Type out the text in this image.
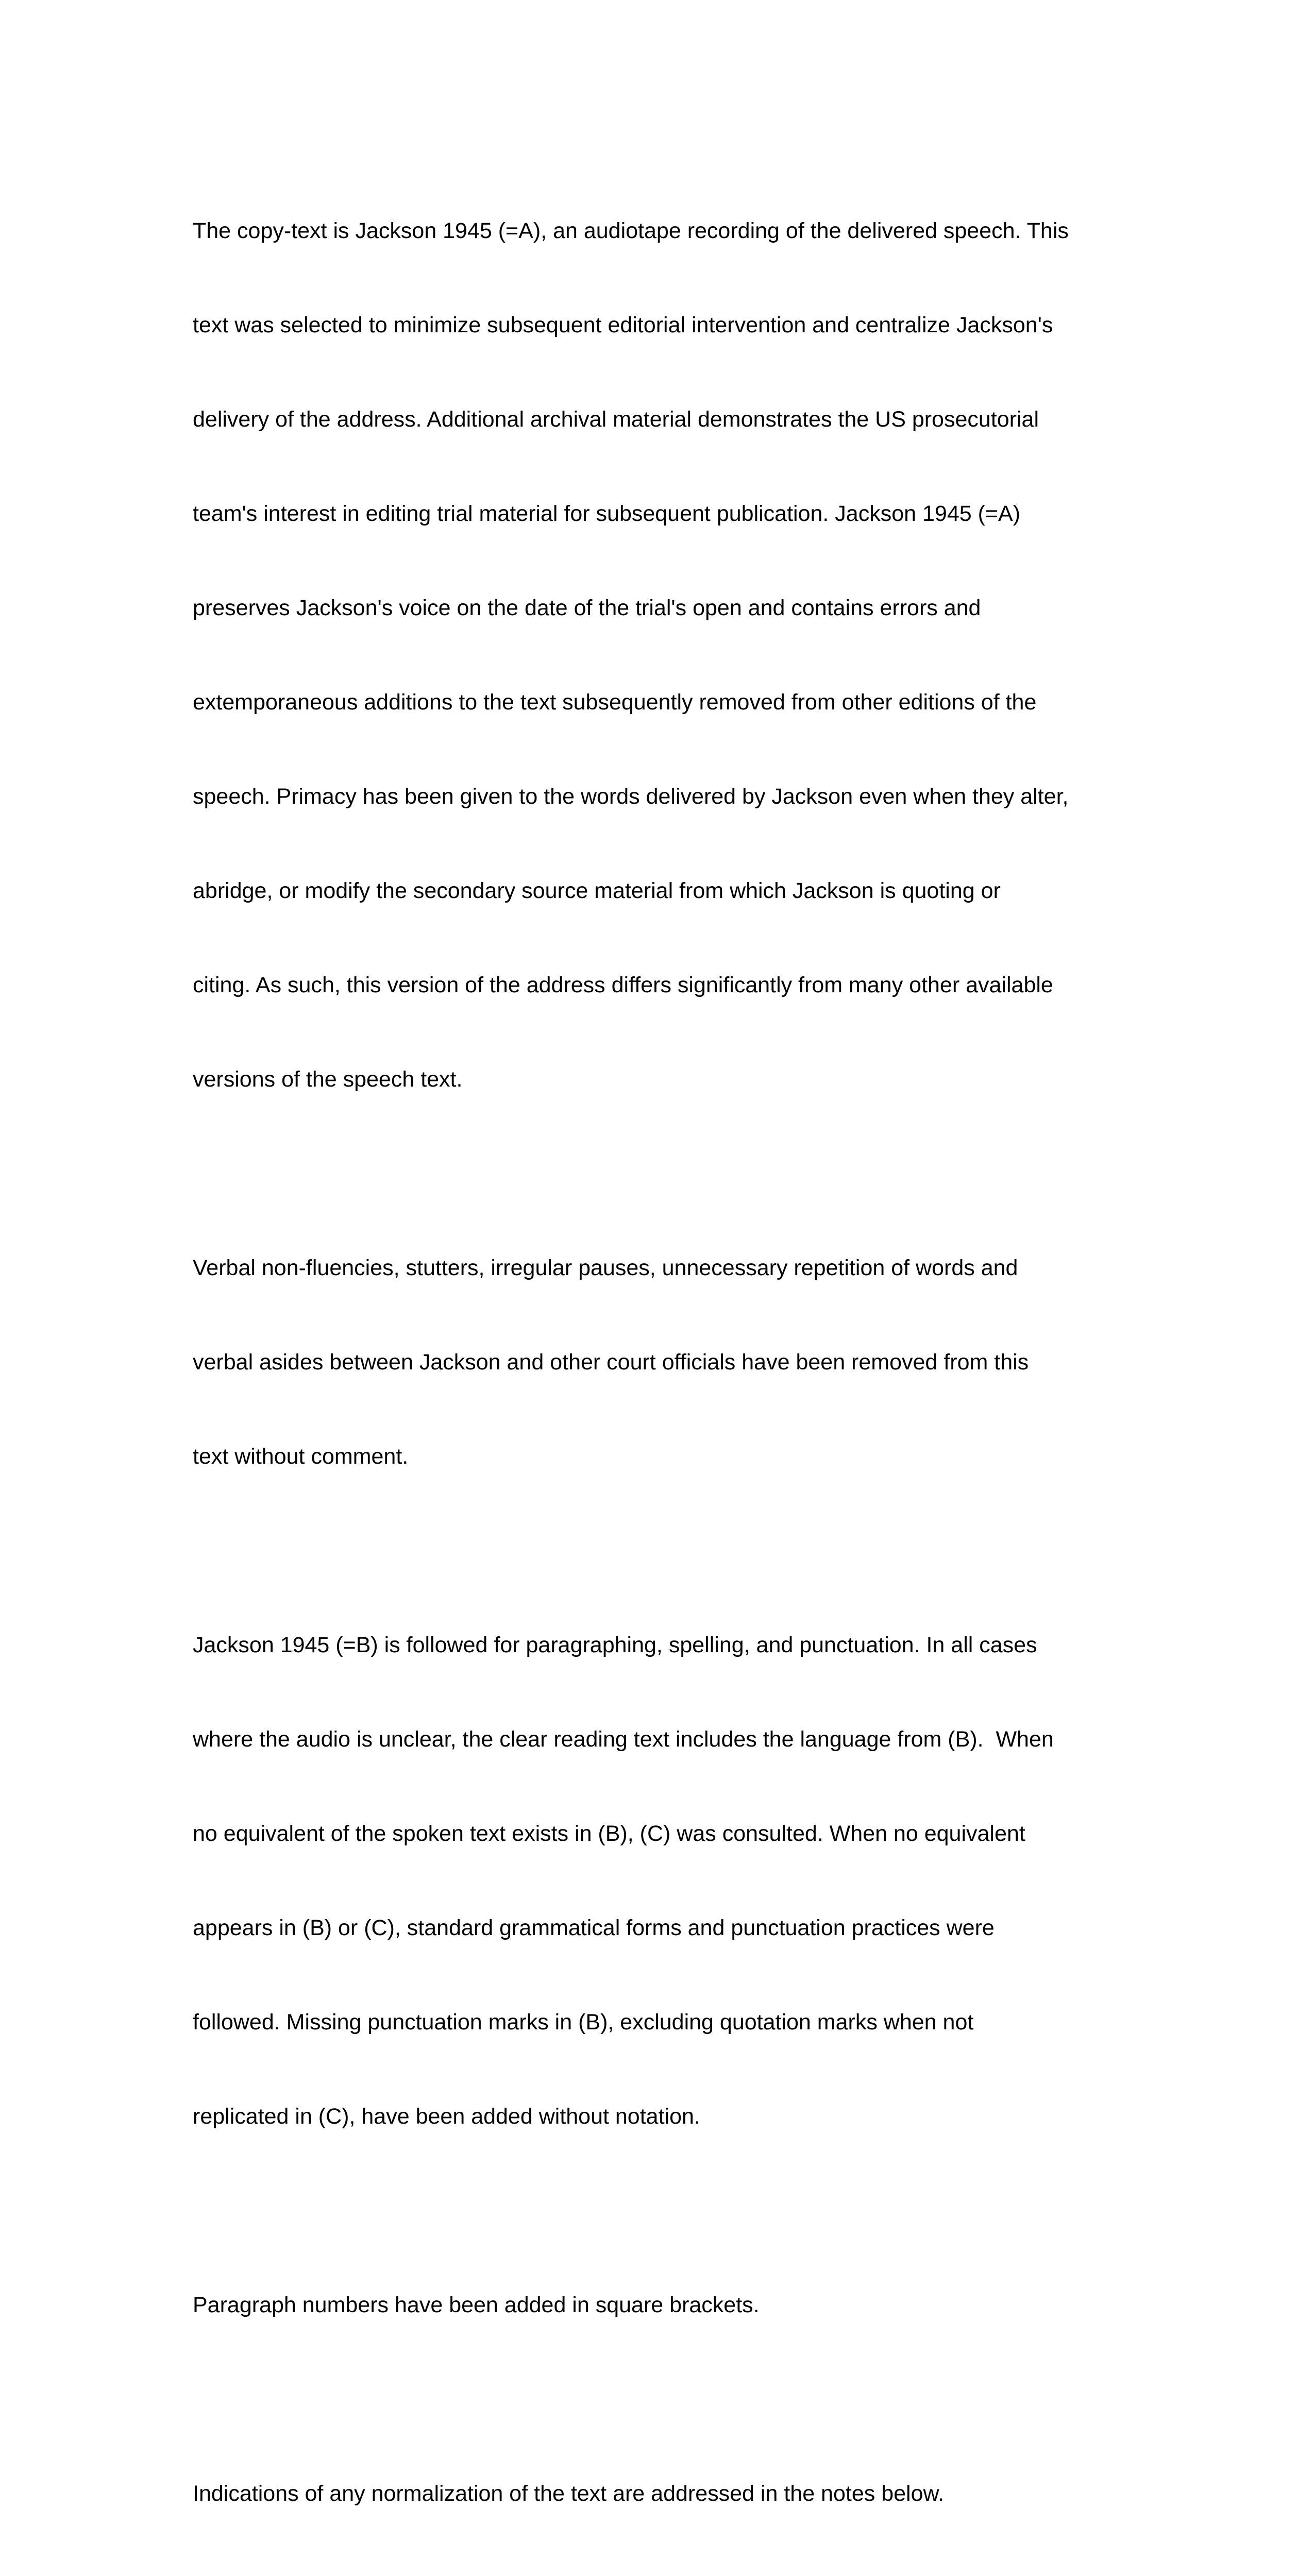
The copy-text is Jackson 1945 (=A), an audiotape recording of the delivered speech. This

text was selected to minimize subsequent editorial intervention and centralize Jackson's

delivery of the address. Additional archival material demonstrates the US prosecutorial

team's interest in editing trial material for subsequent publication. Jackson 1945 (=A)

preserves Jackson's voice on the date of the trial's open and contains errors and

extemporaneous additions to the text subsequently removed from other editions of the

speech. Primacy has been given to the words delivered by Jackson even when they alter,

abridge, or modify the secondary source material from which Jackson is quoting or

citing. As such, this version of the address differs significantly from many other available

versions of the speech text.

Verbal non-fluencies, stutters, irregular pauses, unnecessary repetition of words and

verbal asides between Jackson and other court officials have been removed from this

text without comment.

Jackson 1945 (=B) is followed for paragraphing, spelling, and punctuation. In all cases

where the audio is unclear, the clear reading text includes the language from (B).  When

no equivalent of the spoken text exists in (B), (C) was consulted. When no equivalent

appears in (B) or (C), standard grammatical forms and punctuation practices were

followed. Missing punctuation marks in (B), excluding quotation marks when not

replicated in (C), have been added without notation.

Paragraph numbers have been added in square brackets.

Indications of any normalization of the text are addressed in the notes below.
